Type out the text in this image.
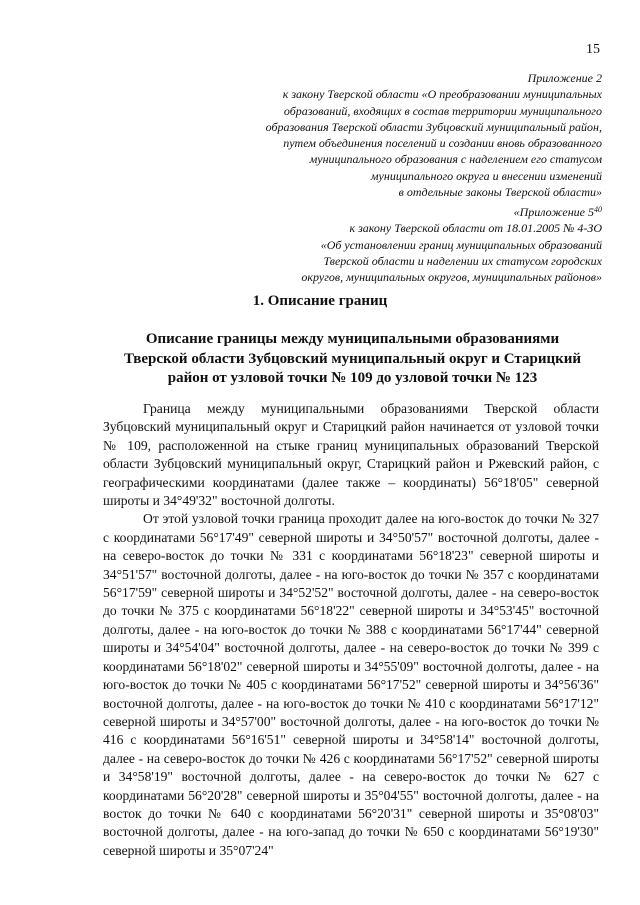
15
Приложение 2
к закону Тверской области «О преобразовании муниципальных
образований, входящих в состав территории муниципального
образования Тверской области Зубцовский муниципальный район,
путем объединения поселений и создании вновь образованного
муниципального образования с наделением его статусом
муниципального округа и внесении изменений
в отдельные законы Тверской области»
«Приложение $5^{40}$
к закону Тверской области от 18.01.2005 № 4-ЗО
«Об установлении границ муниципальных образований
Тверской области и наделении их статусом городских
округов, муниципальных округов, муниципальных районов»
1. Описание границ
Описание границы между муниципальными образованиями
Тверской области Зубцовский муниципальный округ и Старицкий
район от узловой точки № 109 до узловой точки № 123

Граница между муниципальными образованиями Тверской области Зубцовский муниципальный округ и Старицкий район начинается от узловой точки № 109, расположенной на стыке границ муниципальных образований Тверской области Зубцовский муниципальный округ, Старицкий район и Ржевский район, с географическими координатами (далее также – координаты) 56°18'05" северной широты и 34°49'32" восточной долготы.

От этой узловой точки граница проходит далее на юго-восток до точки № 327 с координатами 56°17'49" северной широты и 34°50'57" восточной долготы, далее - на северо-восток до точки № 331 с координатами 56°18'23" северной широты и 34°51'57" восточной долготы, далее - на юго-восток до точки № 357 с координатами 56°17'59" северной широты и 34°52'52" восточной долготы, далее - на северо-восток до точки № 375 с координатами 56°18'22" северной широты и 34°53'45" восточной долготы, далее - на юго-восток до точки № 388 с координатами 56°17'44" северной широты и 34°54'04" восточной долготы, далее - на северо-восток до точки № 399 с координатами 56°18'02" северной широты и 34°55'09" восточной долготы, далее - на юго-восток до точки № 405 с координатами 56°17'52" северной широты и 34°56'36" восточной долготы, далее - на юго-восток до точки № 410 с координатами 56°17'12" северной широты и 34°57'00" восточной долготы, далее - на юго-восток до точки № 416 с координатами 56°16'51" северной широты и 34°58'14" восточной долготы, далее - на северо-восток до точки № 426 с координатами 56°17'52" северной широты и 34°58'19" восточной долготы, далее - на северо-восток до точки № 627 с координатами 56°20'28" северной широты и 35°04'55" восточной долготы, далее - на восток до точки № 640 с координатами 56°20'31" северной широты и 35°08'03" восточной долготы, далее - на юго-запад до точки № 650 с координатами 56°19'30" северной широты и 35°07'24"
